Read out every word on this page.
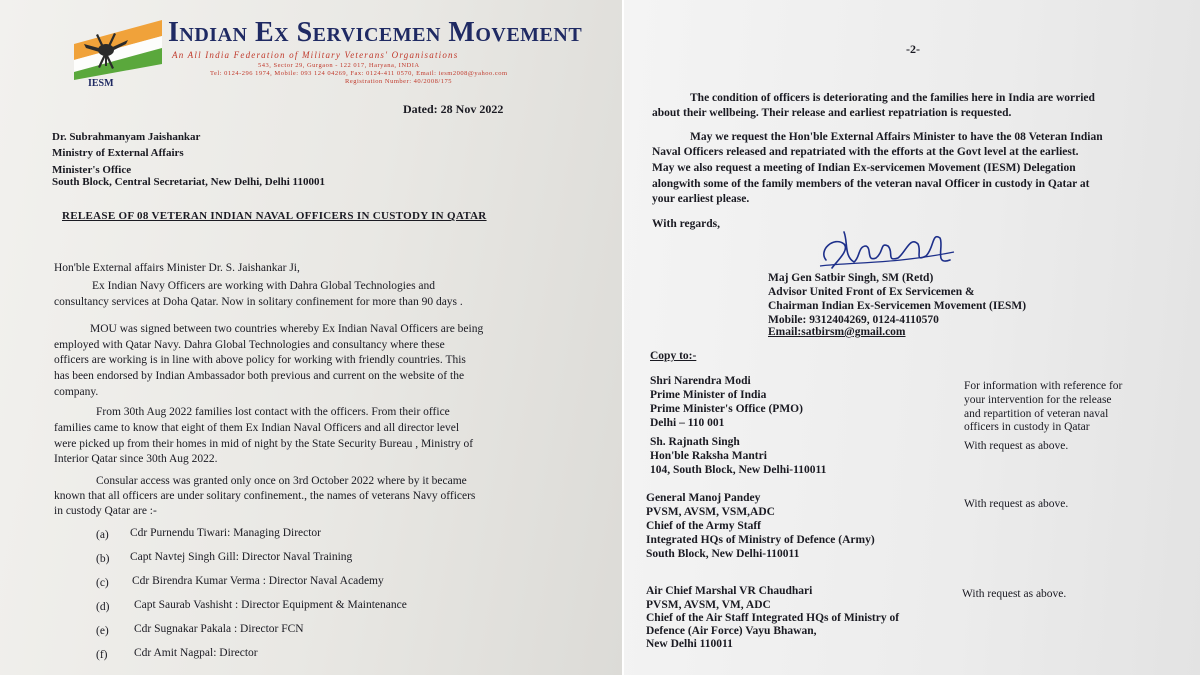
IESM
Indian Ex Servicemen Movement
An All India Federation of Military Veterans' Organisations
543, Sector 29, Gurgaon - 122 017, Haryana, INDIA
Tel: 0124-296 1974, Mobile: 093 124 04269, Fax: 0124-411 0570, Email: iesm2008@yahoo.com
Registration Number: 40/2008/175
Dated: 28 Nov 2022
Dr. Subrahmanyam Jaishankar
Ministry of External Affairs
Minister's Office
South Block, Central Secretariat, New Delhi, Delhi 110001
RELEASE OF 08 VETERAN INDIAN NAVAL OFFICERS IN CUSTODY IN QATAR
Hon'ble External affairs Minister Dr. S. Jaishankar Ji,
Ex Indian Navy Officers are working with Dahra Global Technologies and
consultancy services at Doha Qatar. Now in solitary confinement for more than 90 days .
MOU was signed between two countries whereby Ex Indian Naval Officers are being
employed with Qatar Navy. Dahra Global Technologies and consultancy where these
officers are working is in line with above policy for working with friendly countries. This
has been endorsed by Indian Ambassador both previous and current on the website of the
company.
From 30th Aug 2022 families lost contact with the officers. From their office
families came to know that eight of them Ex Indian Naval Officers and all director level
were picked up from their homes in mid of night by the State Security Bureau , Ministry of
Interior Qatar since 30th Aug 2022.
Consular access was granted only once on 3rd October 2022 where by it became
known that all officers are under solitary confinement., the names of veterans Navy officers
in custody Qatar are :-
(a) Cdr Purnendu Tiwari: Managing Director
(b) Capt Navtej Singh Gill: Director Naval Training
(c) Cdr Birendra Kumar Verma : Director Naval Academy
(d) Capt Saurab Vashisht : Director Equipment & Maintenance
(e) Cdr Sugnakar Pakala : Director FCN
(f) Cdr Amit Nagpal: Director
-2-
The condition of officers is deteriorating and the families here in India are worried
about their wellbeing. Their release and earliest repatriation is requested.
May we request the Hon'ble External Affairs Minister to have the 08 Veteran Indian
Naval Officers released and repatriated with the efforts at the Govt level at the earliest.
May we also request a meeting of Indian Ex-servicemen Movement (IESM) Delegation
alongwith some of the family members of the veteran naval Officer in custody in Qatar at
your earliest please.
With regards,
Maj Gen Satbir Singh, SM (Retd)
Advisor United Front of Ex Servicemen &
Chairman Indian Ex-Servicemen Movement (IESM)
Mobile: 9312404269, 0124-4110570
Email:satbirsm@gmail.com
Copy to:-
Shri Narendra Modi
Prime Minister of India
Prime Minister's Office (PMO)
Delhi – 110 001
For information with reference for
your intervention for the release
and repartition of veteran naval
officers in custody in Qatar
Sh. Rajnath Singh
Hon'ble Raksha Mantri
104, South Block, New Delhi-110011
With request as above.
General Manoj Pandey
PVSM, AVSM, VSM,ADC
Chief of the Army Staff
Integrated HQs of Ministry of Defence (Army)
South Block, New Delhi-110011
With request as above.
Air Chief Marshal VR Chaudhari
PVSM, AVSM, VM, ADC
Chief of the Air Staff Integrated HQs of Ministry of
Defence (Air Force) Vayu Bhawan,
New Delhi 110011
With request as above.
